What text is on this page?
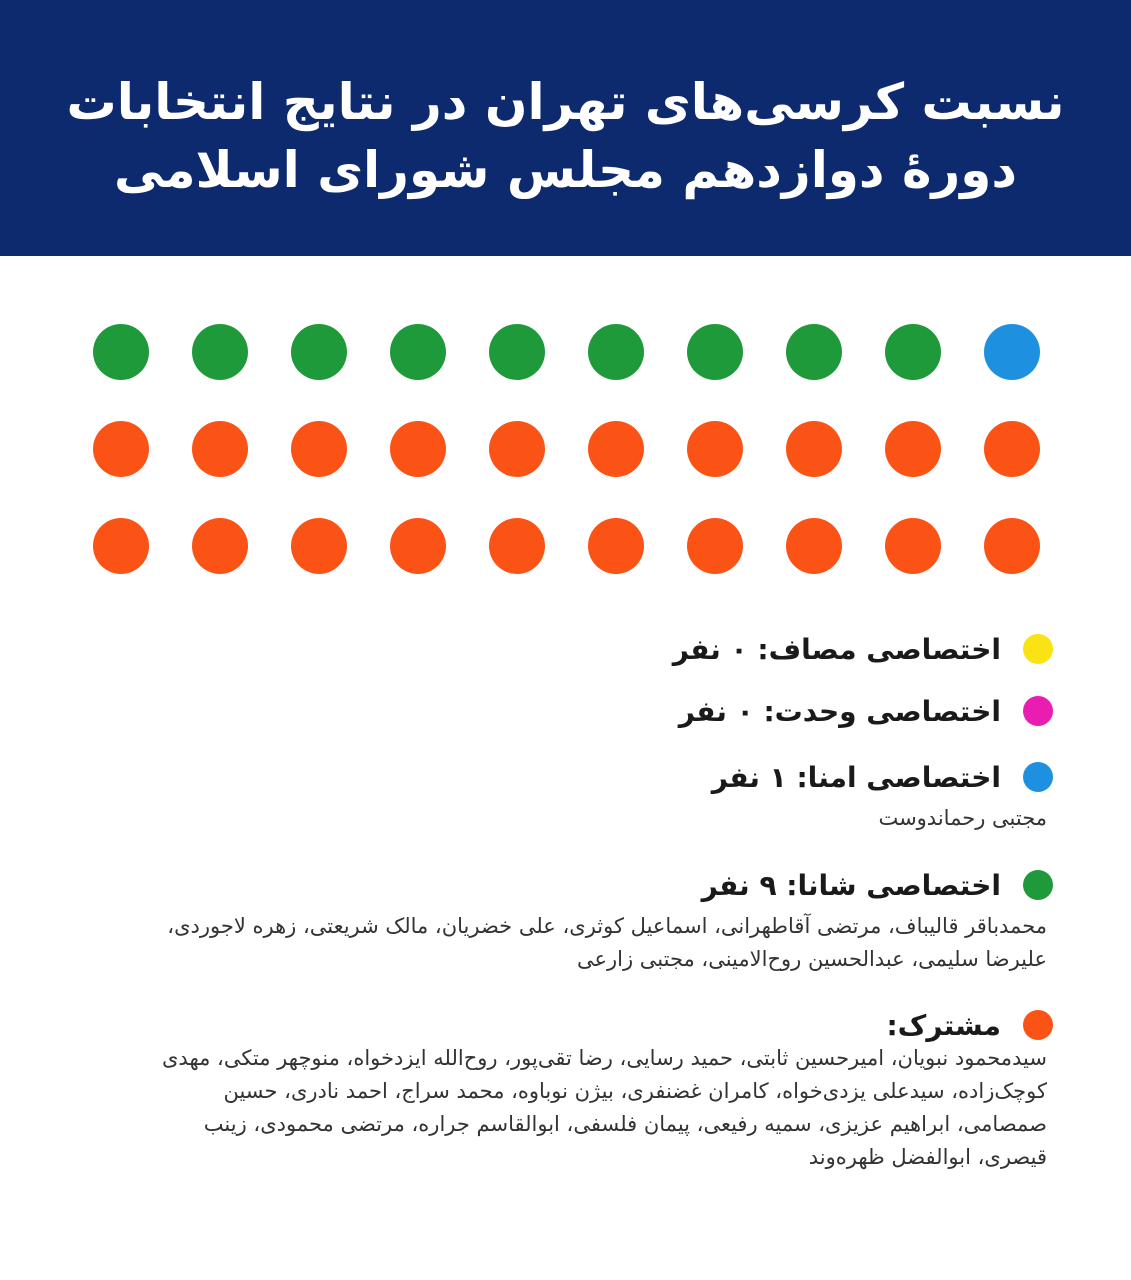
نسبت کرسی‌های تهران در نتایج انتخابات
دورهٔ دوازدهم مجلس شورای اسلامی
اختصاصی مصاف: ۰ نفر
اختصاصی وحدت: ۰ نفر
اختصاصی امنا: ۱ نفر
مجتبی رحماندوست
اختصاصی شانا: ۹ نفر
محمدباقر قالیباف، مرتضی آقاطهرانی، اسماعیل کوثری، علی خضریان، مالک شریعتی، زهره لاجوردی، علیرضا سلیمی، عبدالحسین روح‌الامینی، مجتبی زارعی
مشترک:
سیدمحمود نبویان، امیرحسین ثابتی، حمید رسایی، رضا تقی‌پور، روح‌الله ایزدخواه، منوچهر متکی، مهدی کوچک‌زاده، سیدعلی یزدی‌خواه، کامران غضنفری، بیژن نوباوه، محمد سراج، احمد نادری، حسین صمصامی، ابراهیم عزیزی، سمیه رفیعی، پیمان فلسفی، ابوالقاسم جراره، مرتضی محمودی، زینب قیصری، ابوالفضل ظهره‌وند
